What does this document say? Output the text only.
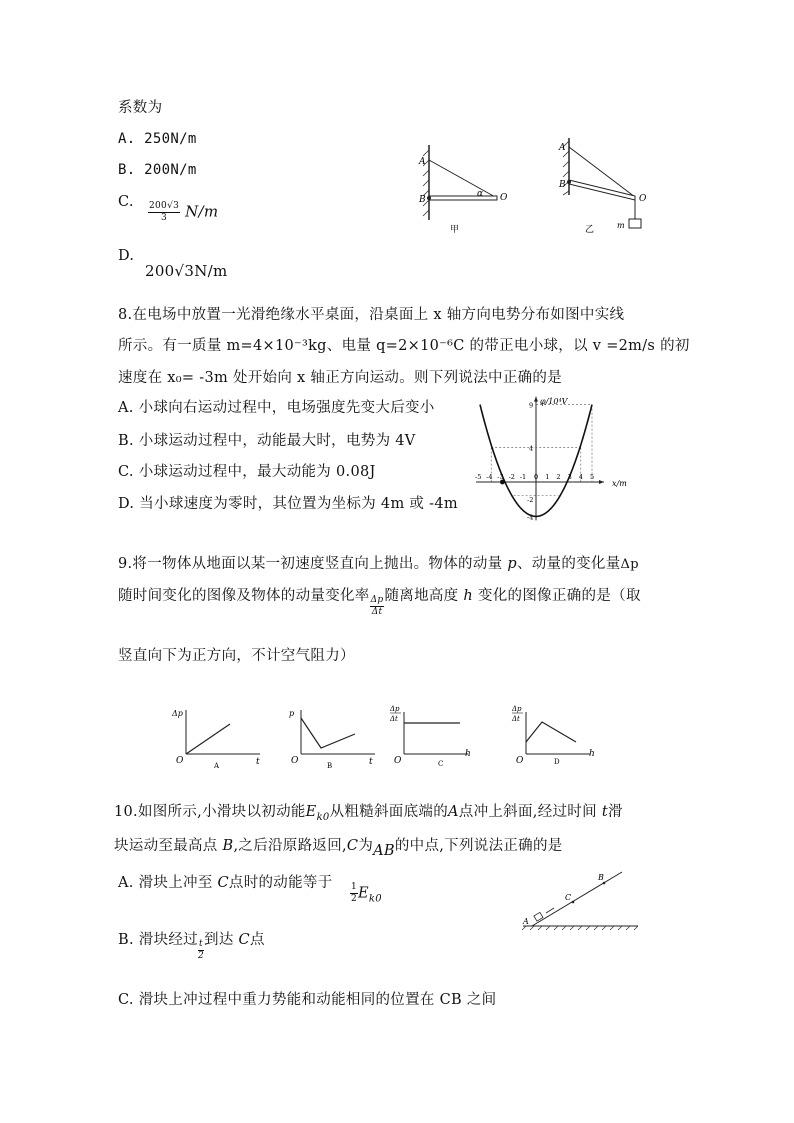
系数为
A. 250N/m
B. 200N/m
C. $\frac{200√3}{3} N/m$
D.
200√3N/m
A
B	O
α
甲
A
B
O
m
乙
8.在电场中放置一光滑绝缘水平桌面，沿桌面上 x 轴方向电势分布如图中实线
所示。有一质量 m=4×10⁻³kg、电量 q=2×10⁻⁶C 的带正电小球，以 v =2m/s 的初
速度在 x₀= -3m 处开始向 x 轴正方向运动。则下列说法中正确的是
A. 小球向右运动过程中，电场强度先变大后变小
B. 小球运动过程中，动能最大时，电势为 4V
C. 小球运动过程中，最大动能为 0.08J
D. 当小球速度为零时，其位置为坐标为 4m 或 -4m
-5 -4 -3 -2 -1 0 1 2 3 4 5
9
4
-2
-4
φ/10⁴V
x/m
9.将一物体从地面以某一初速度竖直向上抛出。物体的动量 p、动量的变化量Δp
随时间变化的图像及物体的动量变化率 $\frac{\Delta p}{\Delta t}$ 随离地高度 h 变化的图像正确的是（取
竖直向下为正方向，不计空气阻力）
Δp
t
O	A
p
t
O	B
Δp
Δt
h
O	C
Δp
Δt
h
O	D
10.如图所示,小滑块以初动能$E_{k0}$从粗糙斜面底端的A点冲上斜面,经过时间 t滑
块运动至最高点 B,之后沿原路返回,C为AB的中点,下列说法正确的是
A. 滑块上冲至 C点时的动能等于 $\frac{1}{2} E_{k0}$
B. 滑块经过 $\frac{t}{2}$ 到达 C点
C. 滑块上冲过程中重力势能和动能相同的位置在 CB 之间
A
C
B
